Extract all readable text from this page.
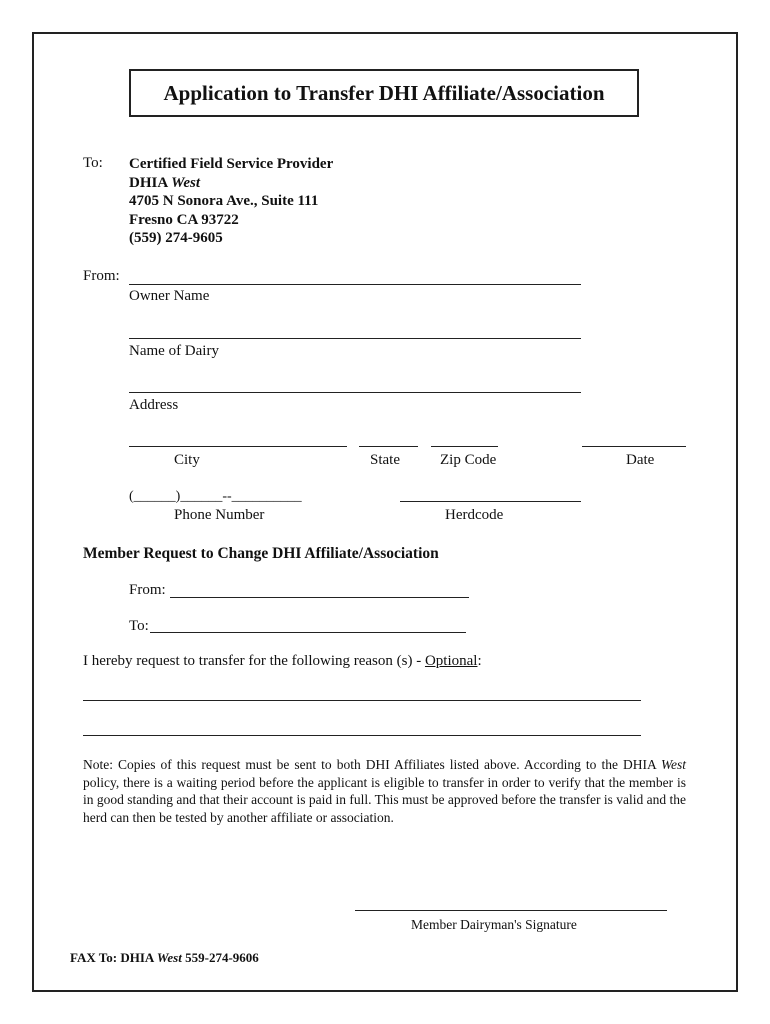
Application to Transfer DHI Affiliate/Association
To: Certified Field Service Provider
DHIA West
4705 N Sonora Ave., Suite 111
Fresno CA 93722
(559) 274-9605
From:
Owner Name
Name of Dairy
Address
City	State	Zip Code	Date
(______)______--__________
Phone Number	Herdcode
Member Request to Change DHI Affiliate/Association
From:
To:
I hereby request to transfer for the following reason (s) - Optional:
Note: Copies of this request must be sent to both DHI Affiliates listed above. According to the DHIA West policy, there is a waiting period before the applicant is eligible to transfer in order to verify that the member is in good standing and that their account is paid in full. This must be approved before the transfer is valid and the herd can then be tested by another affiliate or association.
Member Dairyman's Signature
FAX To: DHIA West 559-274-9606
